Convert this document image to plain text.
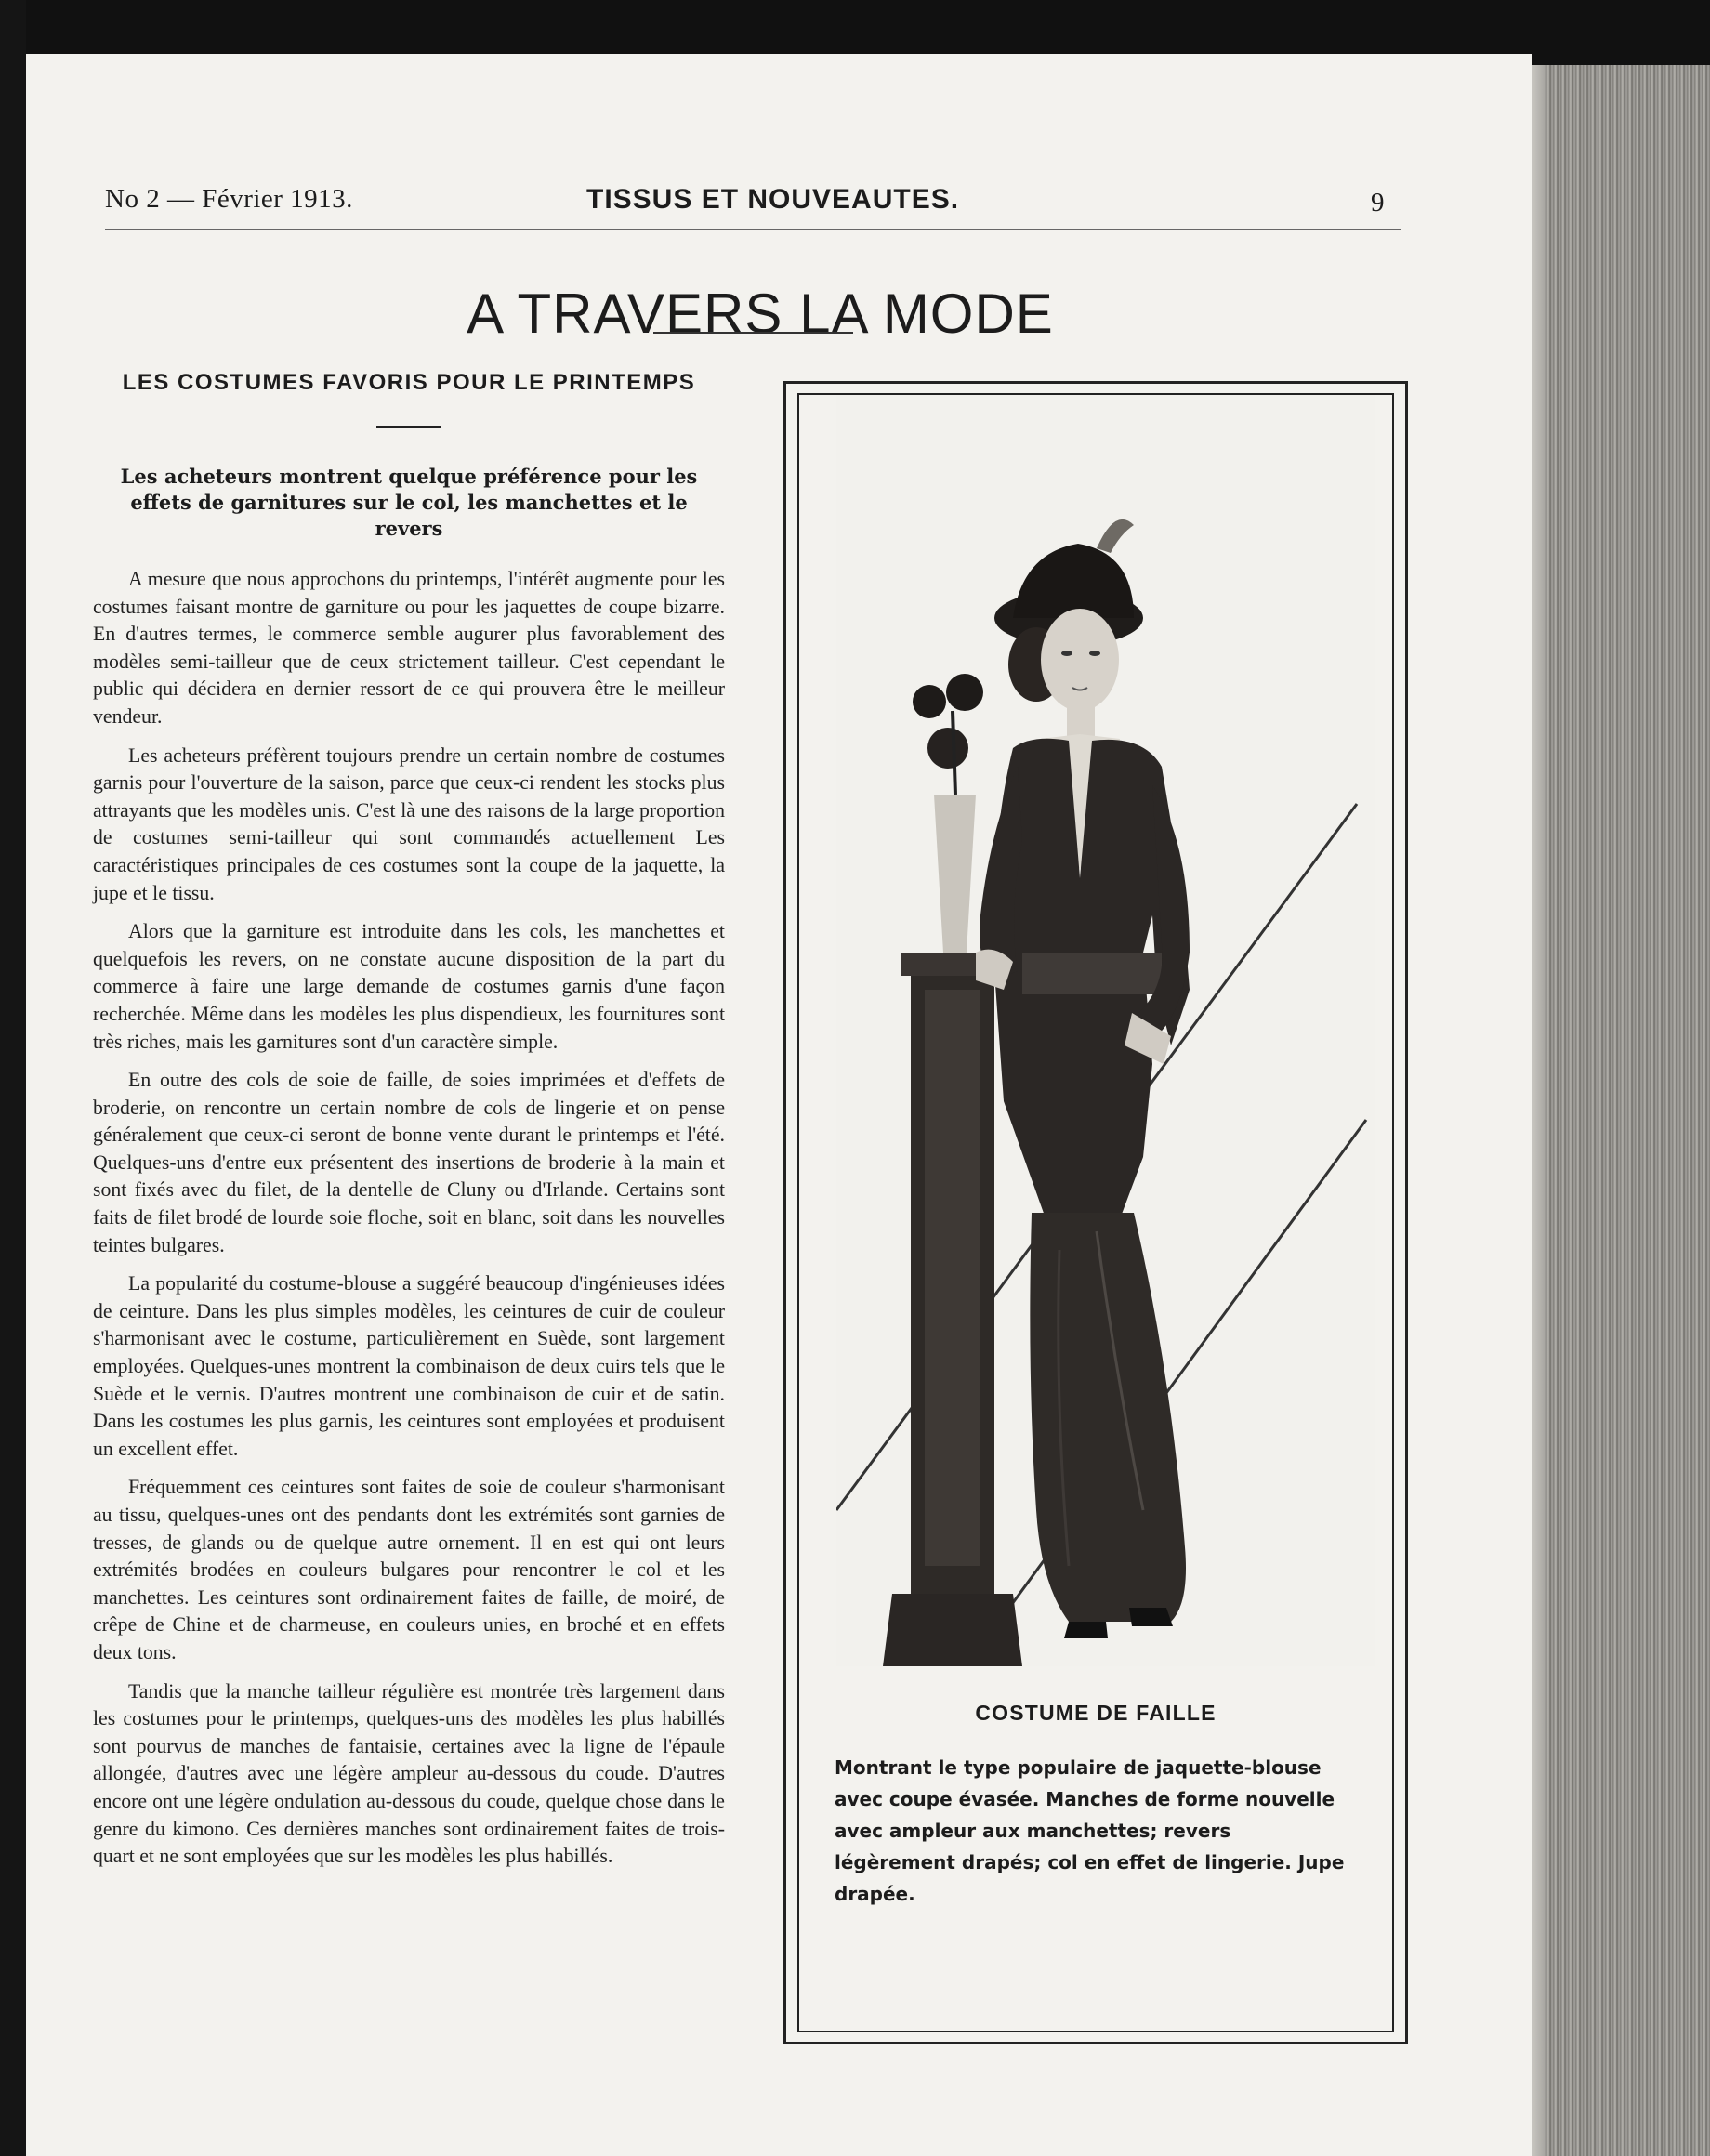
No 2 — Février 1913.	TISSUS ET NOUVEAUTES.	9
A TRAVERS LA MODE
LES COSTUMES FAVORIS POUR LE PRINTEMPS

Les acheteurs montrent quelque préférence pour les effets de garnitures sur le col, les manchettes et le revers

A mesure que nous approchons du printemps, l'intérêt augmente pour les costumes faisant montre de garniture ou pour les jaquettes de coupe bizarre. En d'autres termes, le commerce semble augurer plus favorablement des modèles semi-tailleur que de ceux strictement tailleur. C'est cependant le public qui décidera en dernier ressort de ce qui prouvera être le meilleur vendeur.

Les acheteurs préfèrent toujours prendre un certain nombre de costumes garnis pour l'ouverture de la saison, parce que ceux-ci rendent les stocks plus attrayants que les modèles unis. C'est là une des raisons de la large proportion de costumes semi-tailleur qui sont commandés actuellement Les caractéristiques principales de ces costumes sont la coupe de la jaquette, la jupe et le tissu.

Alors que la garniture est introduite dans les cols, les manchettes et quelquefois les revers, on ne constate aucune disposition de la part du commerce à faire une large demande de costumes garnis d'une façon recherchée. Même dans les modèles les plus dispendieux, les fournitures sont très riches, mais les garnitures sont d'un caractère simple.

En outre des cols de soie de faille, de soies imprimées et d'effets de broderie, on rencontre un certain nombre de cols de lingerie et on pense généralement que ceux-ci seront de bonne vente durant le printemps et l'été. Quelques-uns d'entre eux présentent des insertions de broderie à la main et sont fixés avec du filet, de la dentelle de Cluny ou d'Irlande. Certains sont faits de filet brodé de lourde soie floche, soit en blanc, soit dans les nouvelles teintes bulgares.

La popularité du costume-blouse a suggéré beaucoup d'ingénieuses idées de ceinture. Dans les plus simples modèles, les ceintures de cuir de couleur s'harmonisant avec le costume, particulièrement en Suède, sont largement employées. Quelques-unes montrent la combinaison de deux cuirs tels que le Suède et le vernis. D'autres montrent une combinaison de cuir et de satin. Dans les costumes les plus garnis, les ceintures sont employées et produisent un excellent effet.

Fréquemment ces ceintures sont faites de soie de couleur s'harmonisant au tissu, quelques-unes ont des pendants dont les extrémités sont garnies de tresses, de glands ou de quelque autre ornement. Il en est qui ont leurs extrémités brodées en couleurs bulgares pour rencontrer le col et les manchettes. Les ceintures sont ordinairement faites de faille, de moiré, de crêpe de Chine et de charmeuse, en couleurs unies, en broché et en effets deux tons.

Tandis que la manche tailleur régulière est montrée très largement dans les costumes pour le printemps, quelques-uns des modèles les plus habillés sont pourvus de manches de fantaisie, certaines avec la ligne de l'épaule allongée, d'autres avec une légère ampleur au-dessous du coude. D'autres encore ont une légère ondulation au-dessous du coude, quelque chose dans le genre du kimono. Ces dernières manches sont ordinairement faites de trois-quart et ne sont employées que sur les modèles les plus habillés.

COSTUME DE FAILLE
Montrant le type populaire de jaquette-blouse avec coupe évasée. Manches de forme nouvelle avec ampleur aux manchettes; revers légèrement drapés; col en effet de lingerie. Jupe drapée.
